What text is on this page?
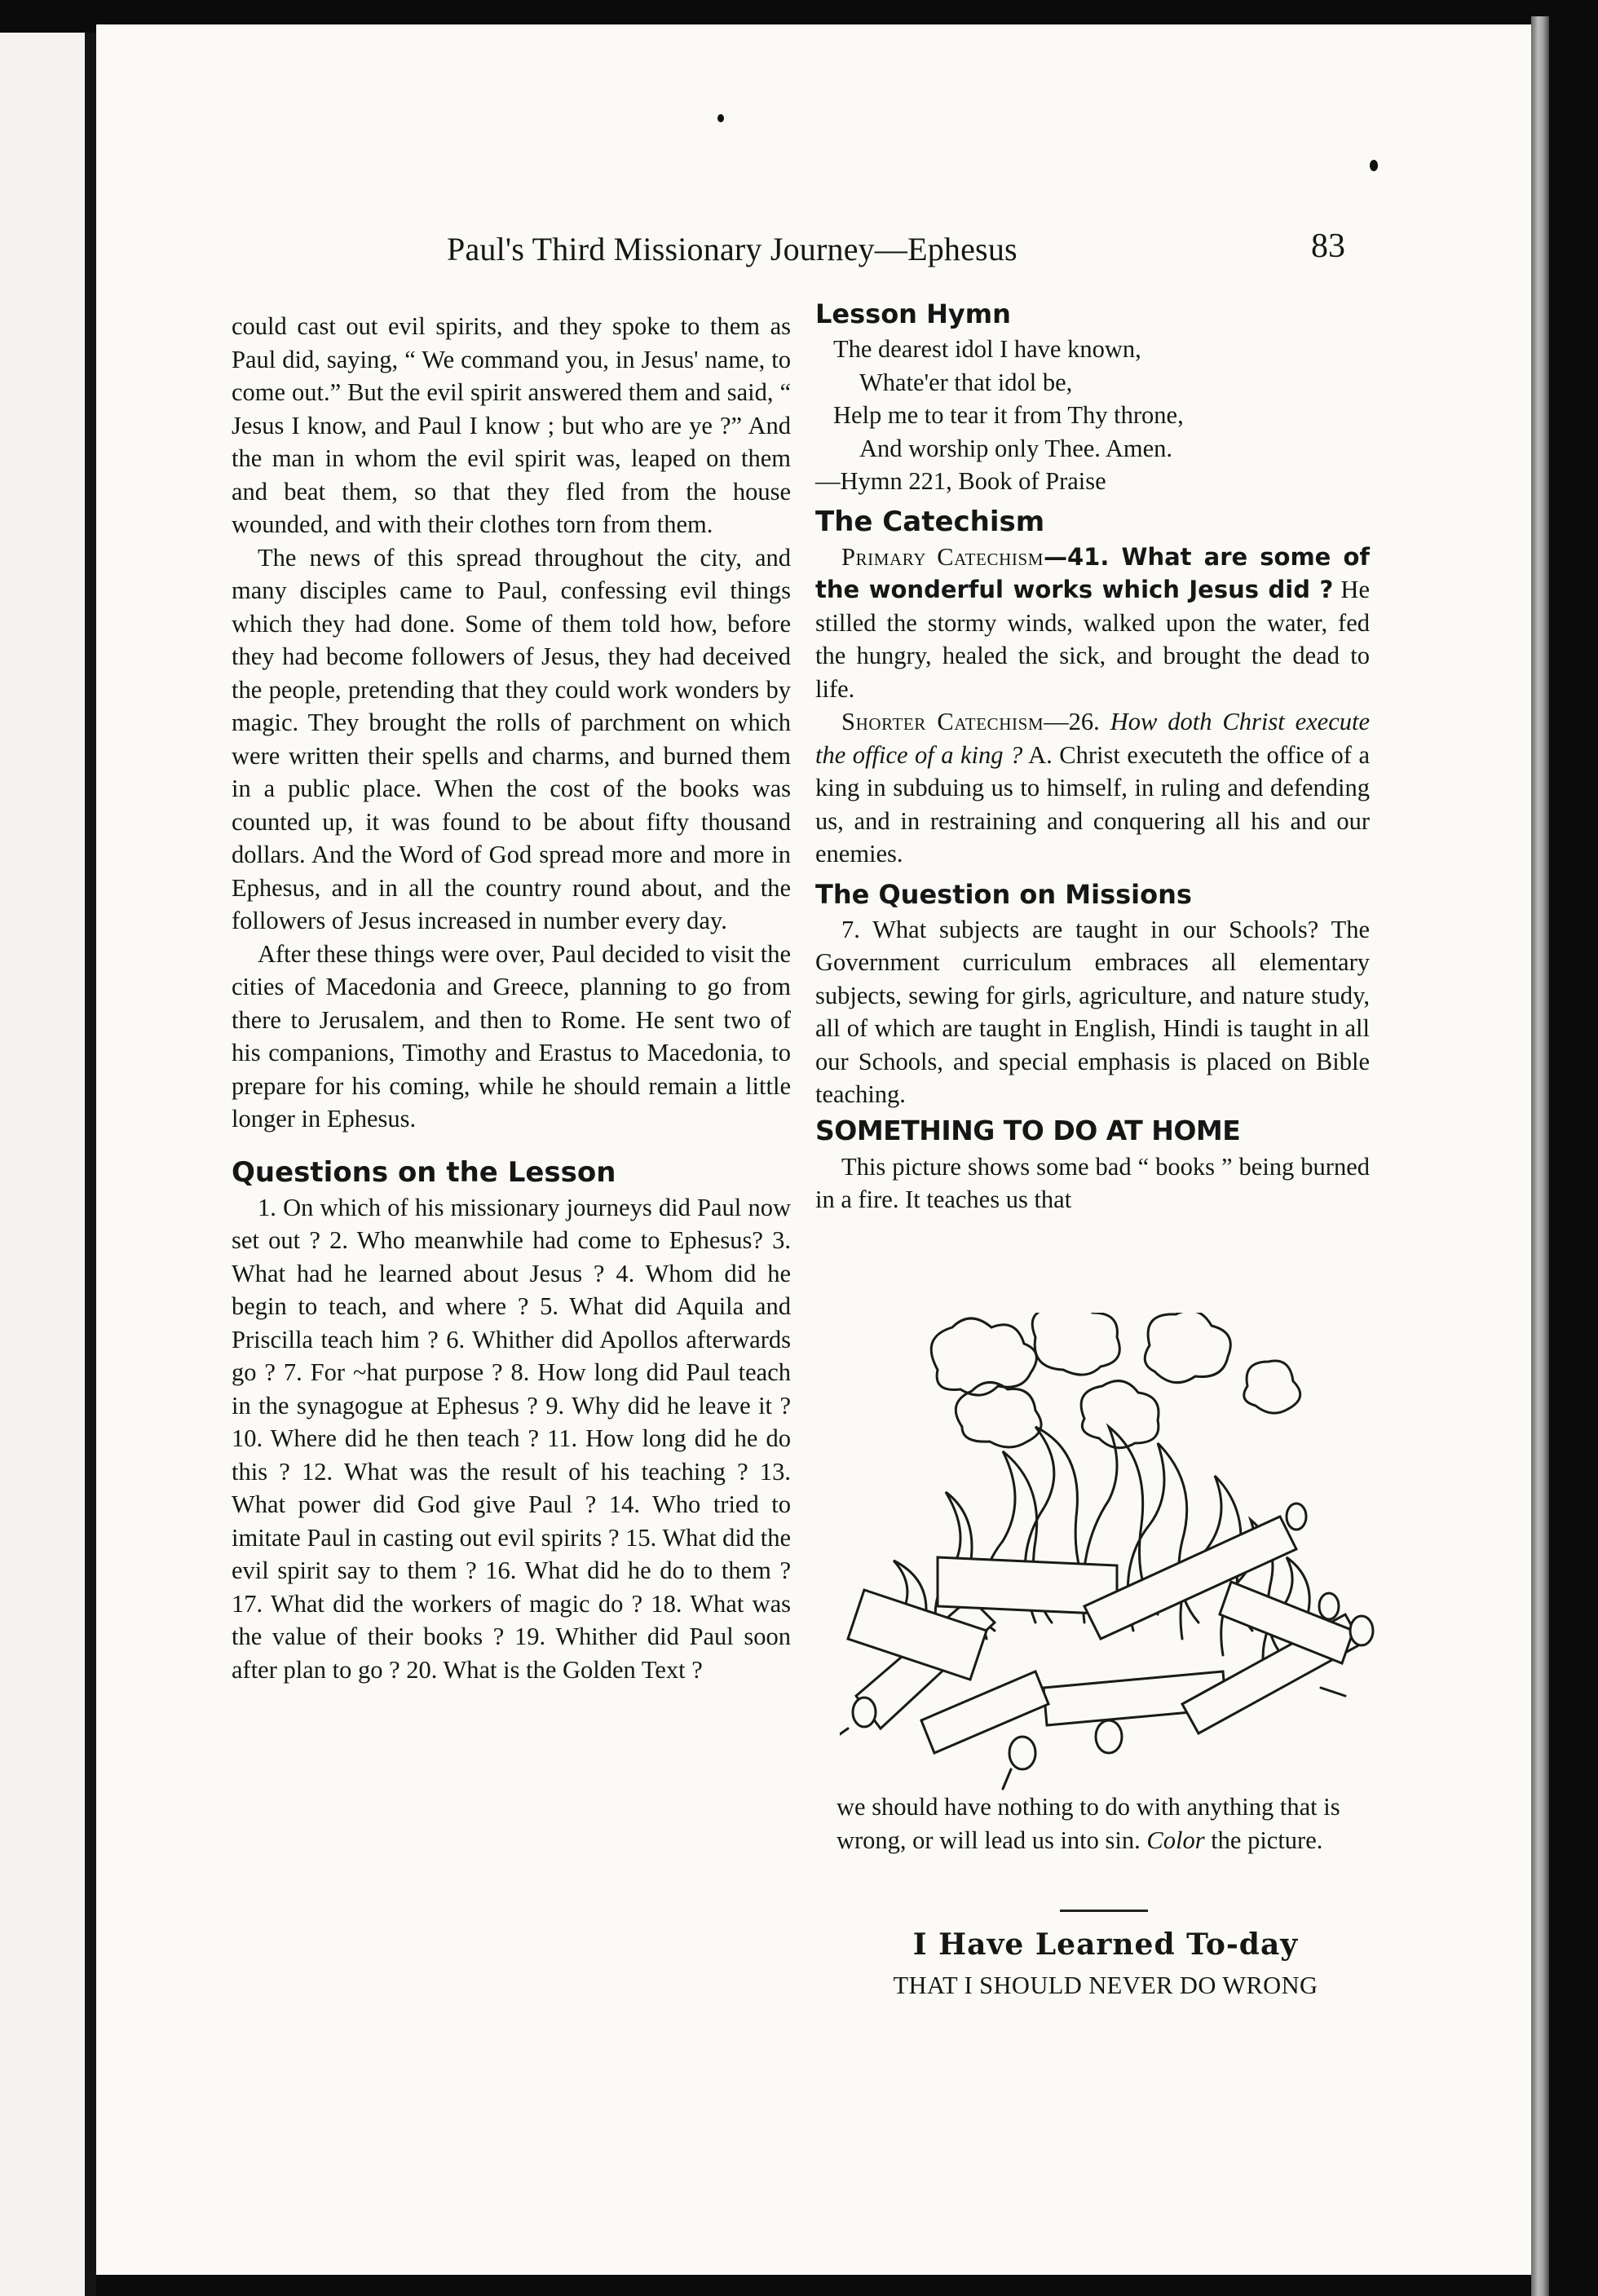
Paul's Third Missionary Journey—Ephesus	83

could cast out evil spirits, and they spoke to them as Paul did, saying, “ We command you, in Jesus' name, to come out.” But the evil spirit answered them and said, “ Jesus I know, and Paul I know ; but who are ye ?” And the man in whom the evil spirit was, leaped on them and beat them, so that they fled from the house wounded, and with their clothes torn from them.

The news of this spread throughout the city, and many disciples came to Paul, confessing evil things which they had done. Some of them told how, before they had become followers of Jesus, they had deceived the people, pretending that they could work wonders by magic. They brought the rolls of parchment on which were written their spells and charms, and burned them in a public place. When the cost of the books was counted up, it was found to be about fifty thousand dollars. And the Word of God spread more and more in Ephesus, and in all the country round about, and the followers of Jesus increased in number every day.

After these things were over, Paul decided to visit the cities of Macedonia and Greece, planning to go from there to Jerusalem, and then to Rome. He sent two of his companions, Timothy and Erastus to Macedonia, to prepare for his coming, while he should remain a little longer in Ephesus.

Questions on the Lesson

1. On which of his missionary journeys did Paul now set out ? 2. Who meanwhile had come to Ephesus? 3. What had he learned about Jesus ? 4. Whom did he begin to teach, and where ? 5. What did Aquila and Priscilla teach him ? 6. Whither did Apollos afterwards go ? 7. For ~hat purpose ? 8. How long did Paul teach in the synagogue at Ephesus ? 9. Why did he leave it ? 10. Where did he then teach ? 11. How long did he do this ? 12. What was the result of his teaching ? 13. What power did God give Paul ? 14. Who tried to imitate Paul in casting out evil spirits ? 15. What did the evil spirit say to them ? 16. What did he do to them ? 17. What did the workers of magic do ? 18. What was the value of their books ? 19. Whither did Paul soon after plan to go ? 20. What is the Golden Text ?

Lesson Hymn

The dearest idol I have known,

Whate'er that idol be,

Help me to tear it from Thy throne,

And worship only Thee. Amen.

—Hymn 221, Book of Praise

The Catechism

Primary Catechism—41. What are some of the wonderful works which Jesus did ? He stilled the stormy winds, walked upon the water, fed the hungry, healed the sick, and brought the dead to life.

Shorter Catechism—26. How doth Christ execute the office of a king ? A. Christ executeth the office of a king in subduing us to himself, in ruling and defending us, and in restraining and conquering all his and our enemies.

The Question on Missions

7. What subjects are taught in our Schools? The Government curriculum embraces all elementary subjects, sewing for girls, agriculture, and nature study, all of which are taught in English, Hindi is taught in all our Schools, and special emphasis is placed on Bible teaching.

SOMETHING TO DO AT HOME

This picture shows some bad “ books ” being burned in a fire. It teaches us that

we should have nothing to do with anything that is wrong, or will lead us into sin. Color the picture.
I Have Learned To-day
THAT I SHOULD NEVER DO WRONG
